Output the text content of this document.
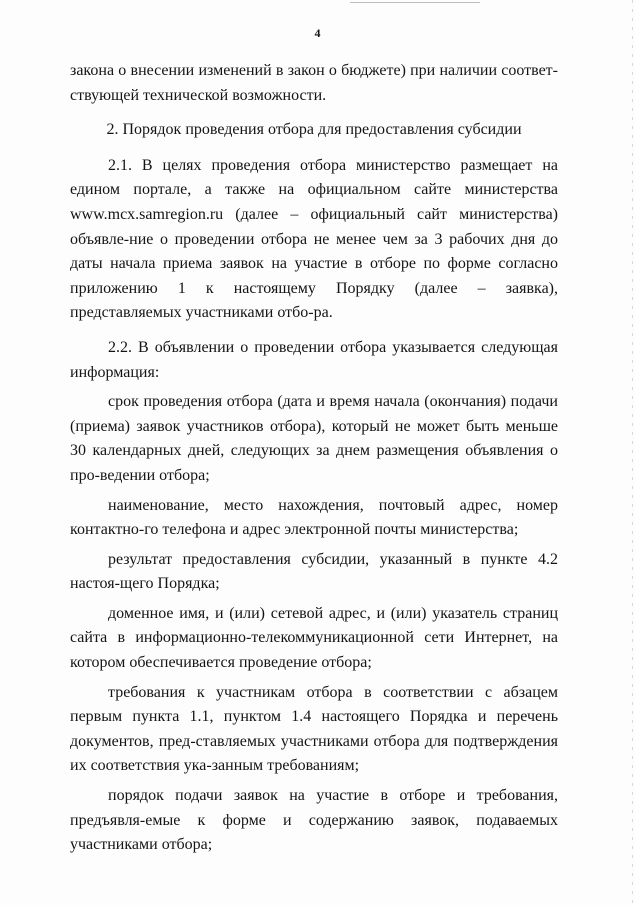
4

закона о внесении изменений в закон о бюджете) при наличии соответ-ствующей технической возможности.

2. Порядок проведения отбора для предоставления субсидии

2.1. В целях проведения отбора министерство размещает на едином портале, а также на официальном сайте министерства www.mcx.samregion.ru (далее – официальный сайт министерства) объявле-ние о проведении отбора не менее чем за 3 рабочих дня до даты начала приема заявок на участие в отборе по форме согласно приложению 1 к настоящему Порядку (далее – заявка), представляемых участниками отбо-ра.

2.2. В объявлении о проведении отбора указывается следующая информация:

срок проведения отбора (дата и время начала (окончания) подачи (приема) заявок участников отбора), который не может быть меньше 30 календарных дней, следующих за днем размещения объявления о про-ведении отбора;

наименование, место нахождения, почтовый адрес, номер контактно-го телефона и адрес электронной почты министерства;

результат предоставления субсидии, указанный в пункте 4.2 настоя-щего Порядка;

доменное имя, и (или) сетевой адрес, и (или) указатель страниц сайта в информационно-телекоммуникационной сети Интернет, на котором обеспечивается проведение отбора;

требования к участникам отбора в соответствии с абзацем первым пункта 1.1, пунктом 1.4 настоящего Порядка и перечень документов, пред-ставляемых участниками отбора для подтверждения их соответствия ука-занным требованиям;

порядок подачи заявок на участие в отборе и требования, предъявля-емые к форме и содержанию заявок, подаваемых участниками отбора;
